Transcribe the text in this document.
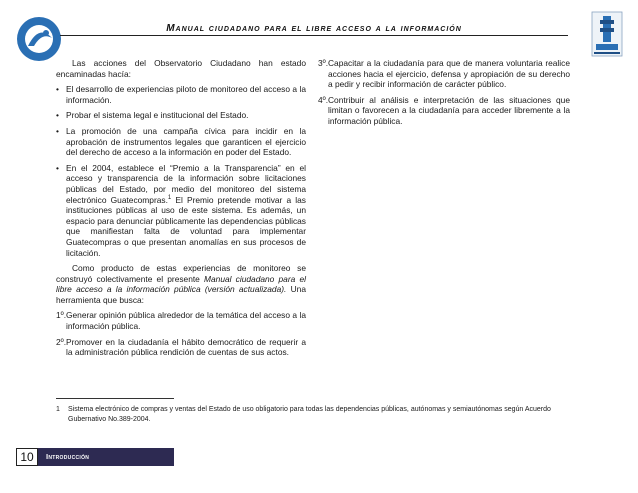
Manual ciudadano para el libre acceso a la información

Las acciones del Observatorio Ciudadano han estado encaminadas hacía:

• El desarrollo de experiencias piloto de monitoreo del acceso a la información.
• Probar el sistema legal e institucional del Estado.
• La promoción de una campaña cívica para incidir en la aprobación de instrumentos legales que garanticen el ejercicio del derecho de acceso a la información en poder del Estado.
• En el 2004, establece el “Premio a la Transparencia” en el acceso y transparencia de la información sobre licitaciones públicas del Estado, por medio del monitoreo del sistema electrónico Guatecompras.$^1$ El Premio pretende motivar a las instituciones públicas al uso de este sistema. Es además, un espacio para denunciar públicamente las dependencias públicas que manifiestan falta de voluntad para implementar Guatecompras o que presentan anomalías en sus procesos de licitación.

Como producto de estas experiencias de monitoreo se construyó colectivamente el presente Manual ciudadano para el libre acceso a la información pública (versión actualizada). Una herramienta que busca:

1º. Generar opinión pública alrededor de la temática del acceso a la información pública.
2º. Promover en la ciudadanía el hábito democrático de requerir a la administración pública rendición de cuentas de sus actos.
3º. Capacitar a la ciudadanía para que de manera voluntaria realice acciones hacia el ejercicio, defensa y apropiación de su derecho a pedir y recibir información de carácter público.
4º. Contribuir al análisis e interpretación de las situaciones que limitan o favorecen a la ciudadanía para acceder libremente a la información pública.
1 Sistema electrónico de compras y ventas del Estado de uso obligatorio para todas las dependencias públicas, autónomas y semiautónomas según Acuerdo Gubernativo No.389-2004.
10	Introducción
